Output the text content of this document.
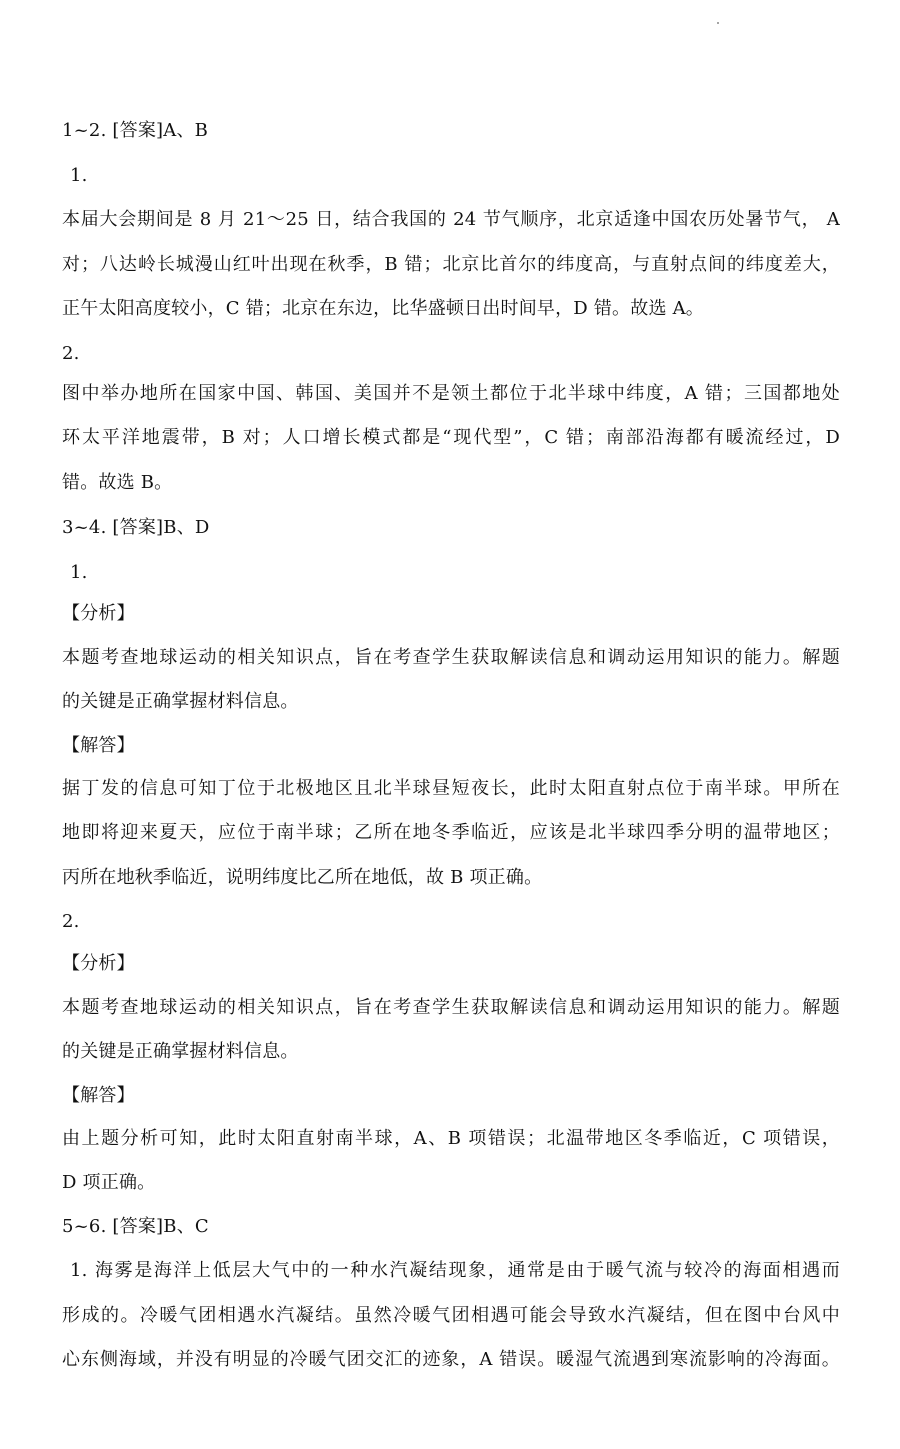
1~2. [答案]A、B
1.
本届大会期间是 8 月 21～25 日，结合我国的 24 节气顺序，北京适逢中国农历处暑节气， A
对；八达岭长城漫山红叶出现在秋季，B 错；北京比首尔的纬度高，与直射点间的纬度差大，
正午太阳高度较小，C 错；北京在东边，比华盛顿日出时间早，D 错。故选 A。
2.
图中举办地所在国家中国、韩国、美国并不是领土都位于北半球中纬度，A 错；三国都地处
环太平洋地震带，B 对；人口增长模式都是“现代型”，C 错；南部沿海都有暖流经过，D
错。故选 B。
3~4. [答案]B、D
1.
【分析】
本题考查地球运动的相关知识点，旨在考查学生获取解读信息和调动运用知识的能力。解题
的关键是正确掌握材料信息。
【解答】
据丁发的信息可知丁位于北极地区且北半球昼短夜长，此时太阳直射点位于南半球。甲所在
地即将迎来夏天，应位于南半球；乙所在地冬季临近，应该是北半球四季分明的温带地区；
丙所在地秋季临近，说明纬度比乙所在地低，故 B 项正确。
2.
【分析】
本题考查地球运动的相关知识点，旨在考查学生获取解读信息和调动运用知识的能力。解题
的关键是正确掌握材料信息。
【解答】
由上题分析可知，此时太阳直射南半球，A、B 项错误；北温带地区冬季临近，C 项错误，
D 项正确。
5~6. [答案]B、C
1. 海雾是海洋上低层大气中的一种水汽凝结现象，通常是由于暖气流与较冷的海面相遇而
形成的。冷暖气团相遇水汽凝结。虽然冷暖气团相遇可能会导致水汽凝结，但在图中台风中
心东侧海域，并没有明显的冷暖气团交汇的迹象，A 错误。暖湿气流遇到寒流影响的冷海面。
